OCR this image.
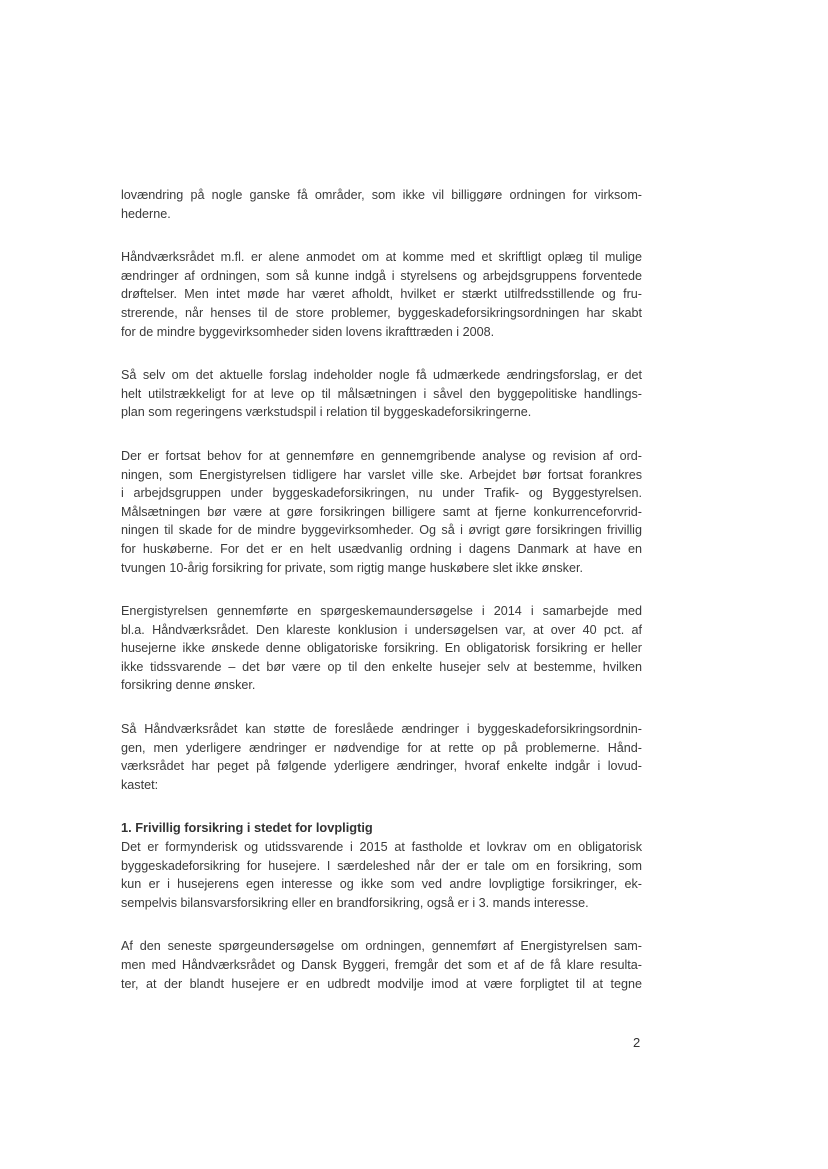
lovændring på nogle ganske få områder, som ikke vil billiggøre ordningen for virksom-
hederne.
Håndværksrådet m.fl. er alene anmodet om at komme med et skriftligt oplæg til mulige
ændringer af ordningen, som så kunne indgå i styrelsens og arbejdsgruppens forventede
drøftelser. Men intet møde har været afholdt, hvilket er stærkt utilfredsstillende og fru-
strerende, når henses til de store problemer, byggeskadeforsikringsordningen har skabt
for de mindre byggevirksomheder siden lovens ikrafttræden i 2008.
Så selv om det aktuelle forslag indeholder nogle få udmærkede ændringsforslag, er det
helt utilstrækkeligt for at leve op til målsætningen i såvel den byggepolitiske handlings-
plan som regeringens værkstudspil i relation til byggeskadeforsikringerne.
Der er fortsat behov for at gennemføre en gennemgribende analyse og revision af ord-
ningen, som Energistyrelsen tidligere har varslet ville ske. Arbejdet bør fortsat forankres
i arbejdsgruppen under byggeskadeforsikringen, nu under Trafik- og Byggestyrelsen.
Målsætningen bør være at gøre forsikringen billigere samt at fjerne konkurrenceforvrid-
ningen til skade for de mindre byggevirksomheder. Og så i øvrigt gøre forsikringen frivillig
for huskøberne. For det er en helt usædvanlig ordning i dagens Danmark at have en
tvungen 10-årig forsikring for private, som rigtig mange huskøbere slet ikke ønsker.
Energistyrelsen gennemførte en spørgeskemaundersøgelse i 2014 i samarbejde med
bl.a. Håndværksrådet. Den klareste konklusion i undersøgelsen var, at over 40 pct. af
husejerne ikke ønskede denne obligatoriske forsikring. En obligatorisk forsikring er heller
ikke tidssvarende – det bør være op til den enkelte husejer selv at bestemme, hvilken
forsikring denne ønsker.
Så Håndværksrådet kan støtte de foreslåede ændringer i byggeskadeforsikringsordnin-
gen, men yderligere ændringer er nødvendige for at rette op på problemerne. Hånd-
værksrådet har peget på følgende yderligere ændringer, hvoraf enkelte indgår i lovud-
kastet:
1. Frivillig forsikring i stedet for lovpligtig
Det er formynderisk og utidssvarende i 2015 at fastholde et lovkrav om en obligatorisk
byggeskadeforsikring for husejere. I særdeleshed når der er tale om en forsikring, som
kun er i husejerens egen interesse og ikke som ved andre lovpligtige forsikringer, ek-
sempelvis bilansvarsforsikring eller en brandforsikring, også er i 3. mands interesse.
Af den seneste spørgeundersøgelse om ordningen, gennemført af Energistyrelsen sam-
men med Håndværksrådet og Dansk Byggeri, fremgår det som et af de få klare resulta-
ter, at der blandt husejere er en udbredt modvilje imod at være forpligtet til at tegne
2
